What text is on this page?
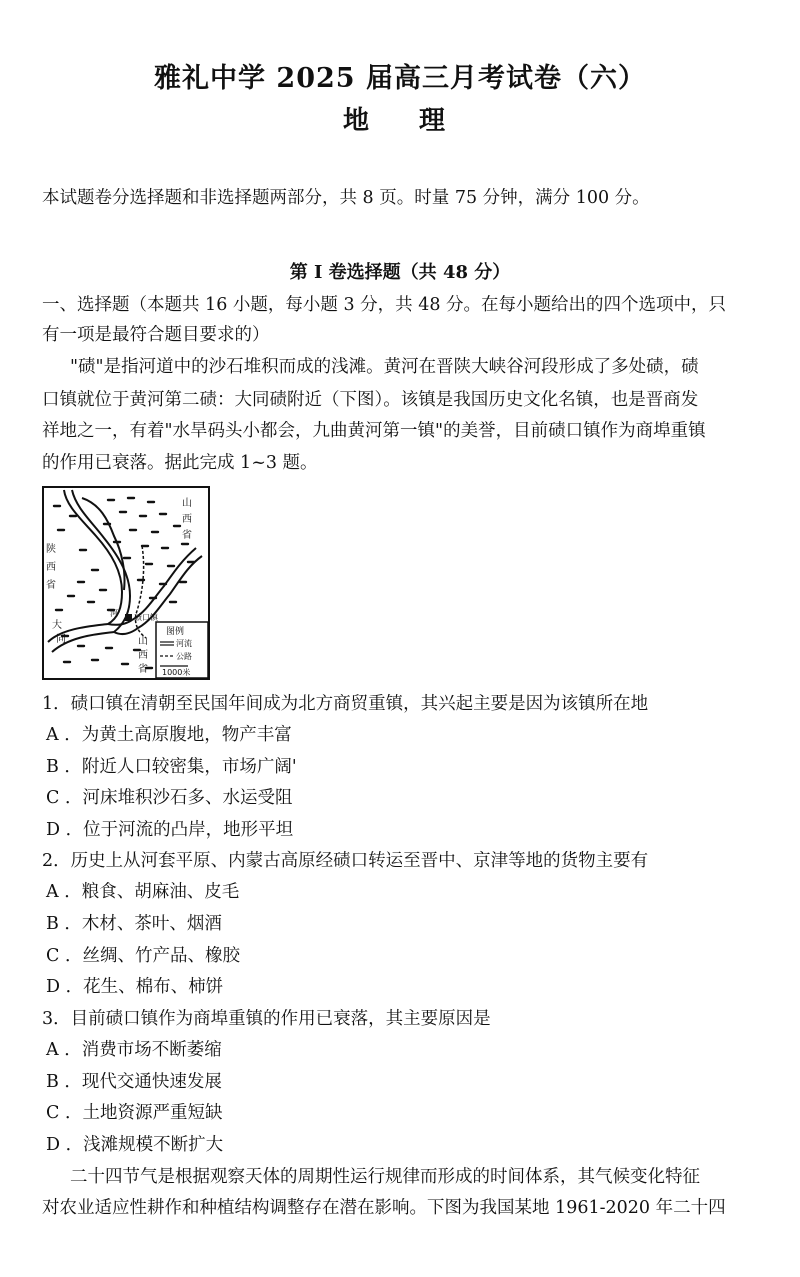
雅礼中学 2025 届高三月考试卷（六）
地　理
本试题卷分选择题和非选择题两部分，共 8 页。时量 75 分钟，满分 100 分。
第 I 卷选择题（共 48 分）
一、选择题（本题共 16 小题，每小题 3 分，共 48 分。在每小题给出的四个选项中，只
有一项是最符合题目要求的）
"碛"是指河道中的沙石堆积而成的浅滩。黄河在晋陕大峡谷河段形成了多处碛，碛
口镇就位于黄河第二碛：大同碛附近（下图）。该镇是我国历史文化名镇，也是晋商发
祥地之一，有着"水旱码头小都会，九曲黄河第一镇"的美誉，目前碛口镇作为商埠重镇
的作用已衰落。据此完成 1~3 题。
山
西
省
陕
西
省
大
同
河 碛口镇
山
西
省
图例
河流
公路
1000米
1．碛口镇在清朝至民国年间成为北方商贸重镇，其兴起主要是因为该镇所在地
A ．为黄土高原腹地，物产丰富
B ．附近人口较密集，市场广阔'
C ．河床堆积沙石多、水运受阻
D ．位于河流的凸岸，地形平坦
2．历史上从河套平原、内蒙古高原经碛口转运至晋中、京津等地的货物主要有
A ．粮食、胡麻油、皮毛
B ．木材、茶叶、烟酒
C ．丝绸、竹产品、橡胶
D ．花生、棉布、柿饼
3．目前碛口镇作为商埠重镇的作用已衰落，其主要原因是
A ．消费市场不断萎缩
B ．现代交通快速发展
C ．土地资源严重短缺
D ．浅滩规模不断扩大
二十四节气是根据观察天体的周期性运行规律而形成的时间体系，其气候变化特征
对农业适应性耕作和种植结构调整存在潜在影响。下图为我国某地 1961-2020 年二十四
